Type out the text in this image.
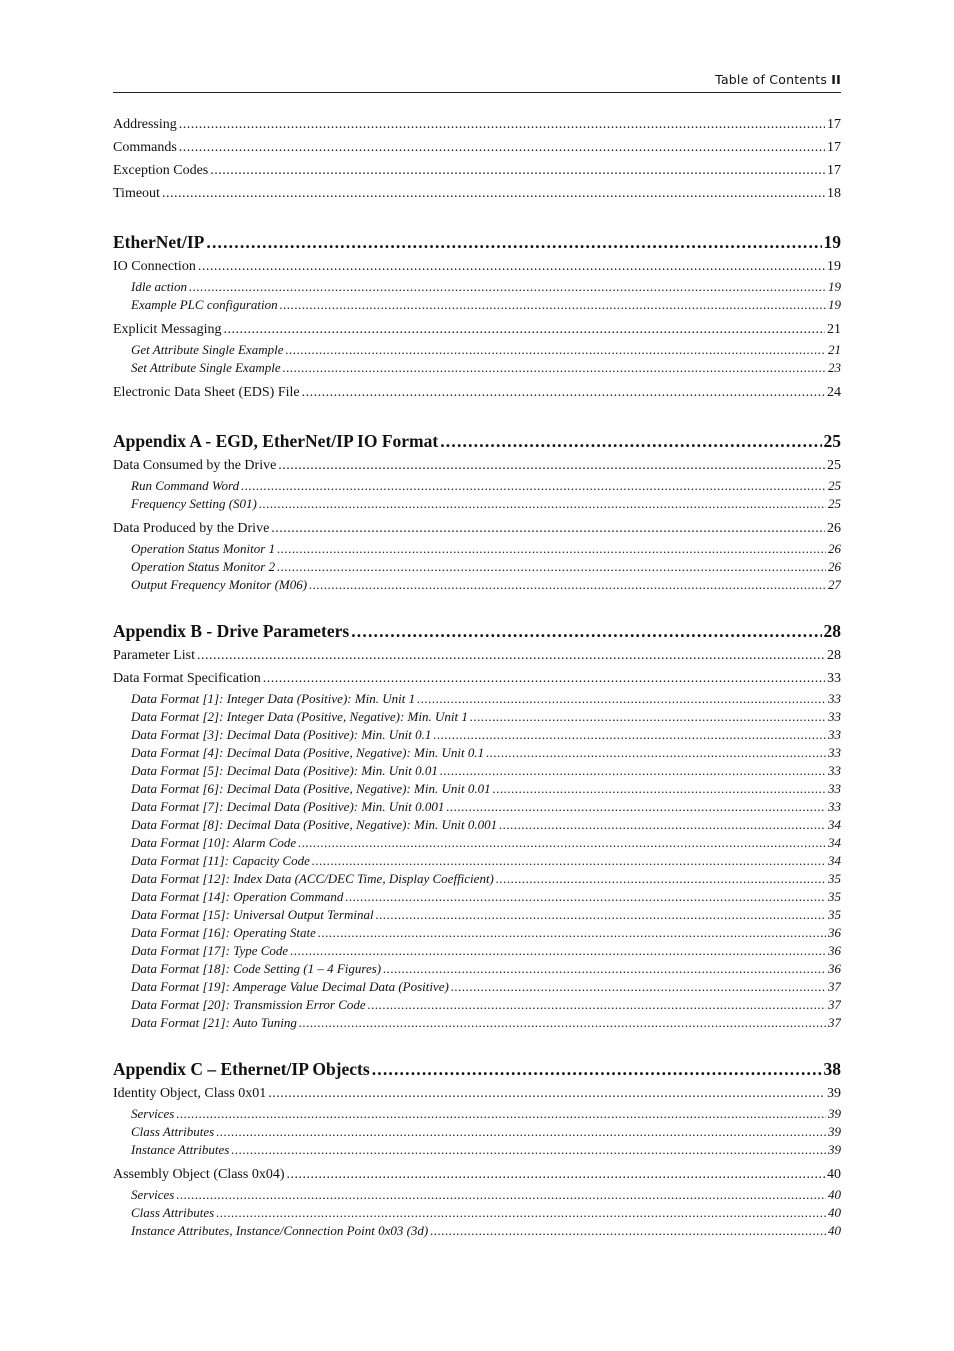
Table of Contents II
Addressing .....	17
Commands .....	17
Exception Codes .....	17
Timeout .....	18
EtherNet/IP .....	19
IO Connection .....	19
Idle action .....	19
Example PLC configuration .....	19
Explicit Messaging .....	21
Get Attribute Single Example .....	21
Set Attribute Single Example .....	23
Electronic Data Sheet (EDS) File .....	24
Appendix A - EGD, EtherNet/IP IO Format .....	25
Data Consumed by the Drive .....	25
Run Command Word .....	25
Frequency Setting (S01) .....	25
Data Produced by the Drive .....	26
Operation Status Monitor 1 .....	26
Operation Status Monitor 2 .....	26
Output Frequency Monitor (M06) .....	27
Appendix B - Drive Parameters .....	28
Parameter List .....	28
Data Format Specification .....	33
Data Format [1]: Integer Data (Positive): Min. Unit 1 .....	33
Data Format [2]: Integer Data (Positive, Negative): Min. Unit 1 .....	33
Data Format [3]: Decimal Data (Positive): Min. Unit 0.1 .....	33
Data Format [4]: Decimal Data (Positive, Negative): Min. Unit 0.1 .....	33
Data Format [5]: Decimal Data (Positive): Min. Unit 0.01 .....	33
Data Format [6]: Decimal Data (Positive, Negative): Min. Unit 0.01 .....	33
Data Format [7]: Decimal Data (Positive): Min. Unit 0.001 .....	33
Data Format [8]: Decimal Data (Positive, Negative): Min. Unit 0.001 .....	34
Data Format [10]: Alarm Code .....	34
Data Format [11]: Capacity Code .....	34
Data Format [12]: Index Data (ACC/DEC Time, Display Coefficient) .....	35
Data Format [14]: Operation Command .....	35
Data Format [15]: Universal Output Terminal .....	35
Data Format [16]: Operating State .....	36
Data Format [17]: Type Code .....	36
Data Format [18]: Code Setting (1 – 4 Figures) .....	36
Data Format [19]: Amperage Value Decimal Data (Positive) .....	37
Data Format [20]: Transmission Error Code .....	37
Data Format [21]: Auto Tuning .....	37
Appendix C – Ethernet/IP Objects .....	38
Identity Object, Class 0x01 .....	39
Services .....	39
Class Attributes .....	39
Instance Attributes .....	39
Assembly Object (Class 0x04) .....	40
Services .....	40
Class Attributes .....	40
Instance Attributes, Instance/Connection Point 0x03 (3d) .....	40
